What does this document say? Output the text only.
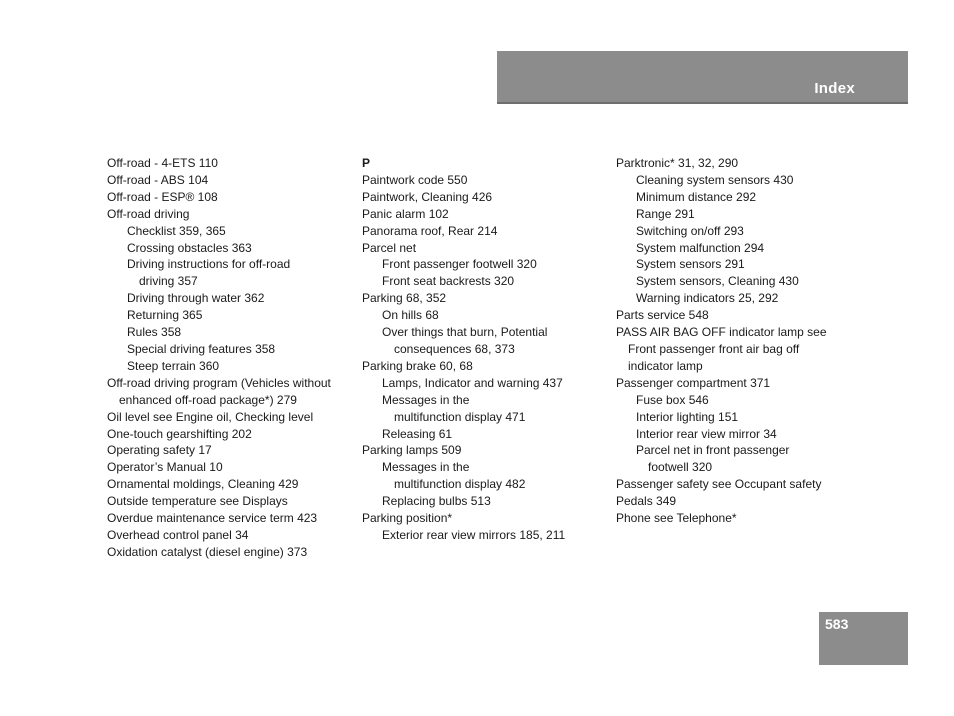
Index
Off-road - 4-ETS 110
Off-road - ABS 104
Off-road - ESP® 108
Off-road driving
Checklist 359, 365
Crossing obstacles 363
Driving instructions for off-road
driving 357
Driving through water 362
Returning 365
Rules 358
Special driving features 358
Steep terrain 360
Off-road driving program (Vehicles without
enhanced off-road package*) 279
Oil level see Engine oil, Checking level
One-touch gearshifting 202
Operating safety 17
Operator’s Manual 10
Ornamental moldings, Cleaning 429
Outside temperature see Displays
Overdue maintenance service term 423
Overhead control panel 34
Oxidation catalyst (diesel engine) 373
P
Paintwork code 550
Paintwork, Cleaning 426
Panic alarm 102
Panorama roof, Rear 214
Parcel net
Front passenger footwell 320
Front seat backrests 320
Parking 68, 352
On hills 68
Over things that burn, Potential
consequences 68, 373
Parking brake 60, 68
Lamps, Indicator and warning 437
Messages in the
multifunction display 471
Releasing 61
Parking lamps 509
Messages in the
multifunction display 482
Replacing bulbs 513
Parking position*
Exterior rear view mirrors 185, 211
Parktronic* 31, 32, 290
Cleaning system sensors 430
Minimum distance 292
Range 291
Switching on/off 293
System malfunction 294
System sensors 291
System sensors, Cleaning 430
Warning indicators 25, 292
Parts service 548
PASS AIR BAG OFF indicator lamp see
Front passenger front air bag off
indicator lamp
Passenger compartment 371
Fuse box 546
Interior lighting 151
Interior rear view mirror 34
Parcel net in front passenger
footwell 320
Passenger safety see Occupant safety
Pedals 349
Phone see Telephone*
583
